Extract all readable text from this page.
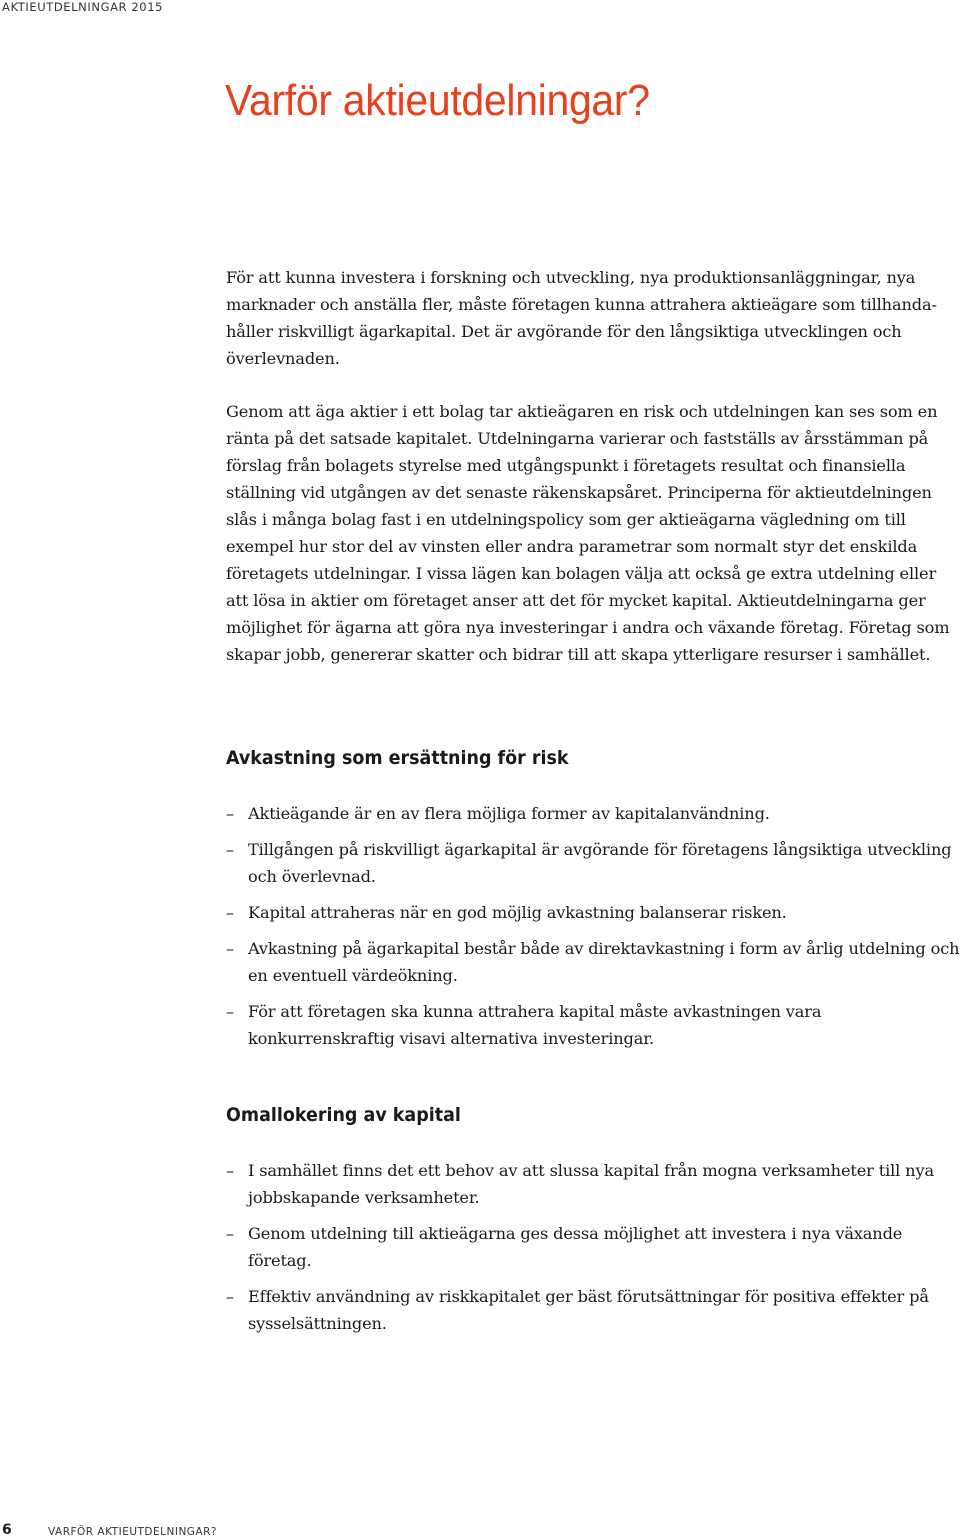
AKTIEUTDELNINGAR 2015
Varför aktieutdelningar?

För att kunna investera i forskning och utveckling, nya produktionsanläggningar, nya marknader och anställa fler, måste företagen kunna attrahera aktieägare som tillhanda-håller riskvilligt ägarkapital. Det är avgörande för den långsiktiga utvecklingen och överlevnaden.

Genom att äga aktier i ett bolag tar aktieägaren en risk och utdelningen kan ses som en ränta på det satsade kapitalet. Utdelningarna varierar och fastställs av årsstämman på förslag från bolagets styrelse med utgångspunkt i företagets resultat och finansiella ställning vid utgången av det senaste räkenskapsåret. Principerna för aktieutdelningen slås i många bolag fast i en utdelningspolicy som ger aktieägarna vägledning om till exempel hur stor del av vinsten eller andra parametrar som normalt styr det enskilda företagets utdelningar. I vissa lägen kan bolagen välja att också ge extra utdelning eller att lösa in aktier om företaget anser att det för mycket kapital. Aktieutdelningarna ger möjlighet för ägarna att göra nya investeringar i andra och växande företag. Företag som skapar jobb, genererar skatter och bidrar till att skapa ytterligare resurser i samhället.

Avkastning som ersättning för risk
– Aktieägande är en av flera möjliga former av kapitalanvändning.
– Tillgången på riskvilligt ägarkapital är avgörande för företagens långsiktiga utveckling och överlevnad.
– Kapital attraheras när en god möjlig avkastning balanserar risken.
– Avkastning på ägarkapital består både av direktavkastning i form av årlig utdelning och en eventuell värdeökning.
– För att företagen ska kunna attrahera kapital måste avkastningen vara konkurrenskraftig visavi alternativa investeringar.
Omallokering av kapital
– I samhället finns det ett behov av att slussa kapital från mogna verksamheter till nya jobbskapande verksamheter.
– Genom utdelning till aktieägarna ges dessa möjlighet att investera i nya växande företag.
– Effektiv användning av riskkapitalet ger bäst förutsättningar för positiva effekter på sysselsättningen.
6	VARFÖR AKTIEUTDELNINGAR?
